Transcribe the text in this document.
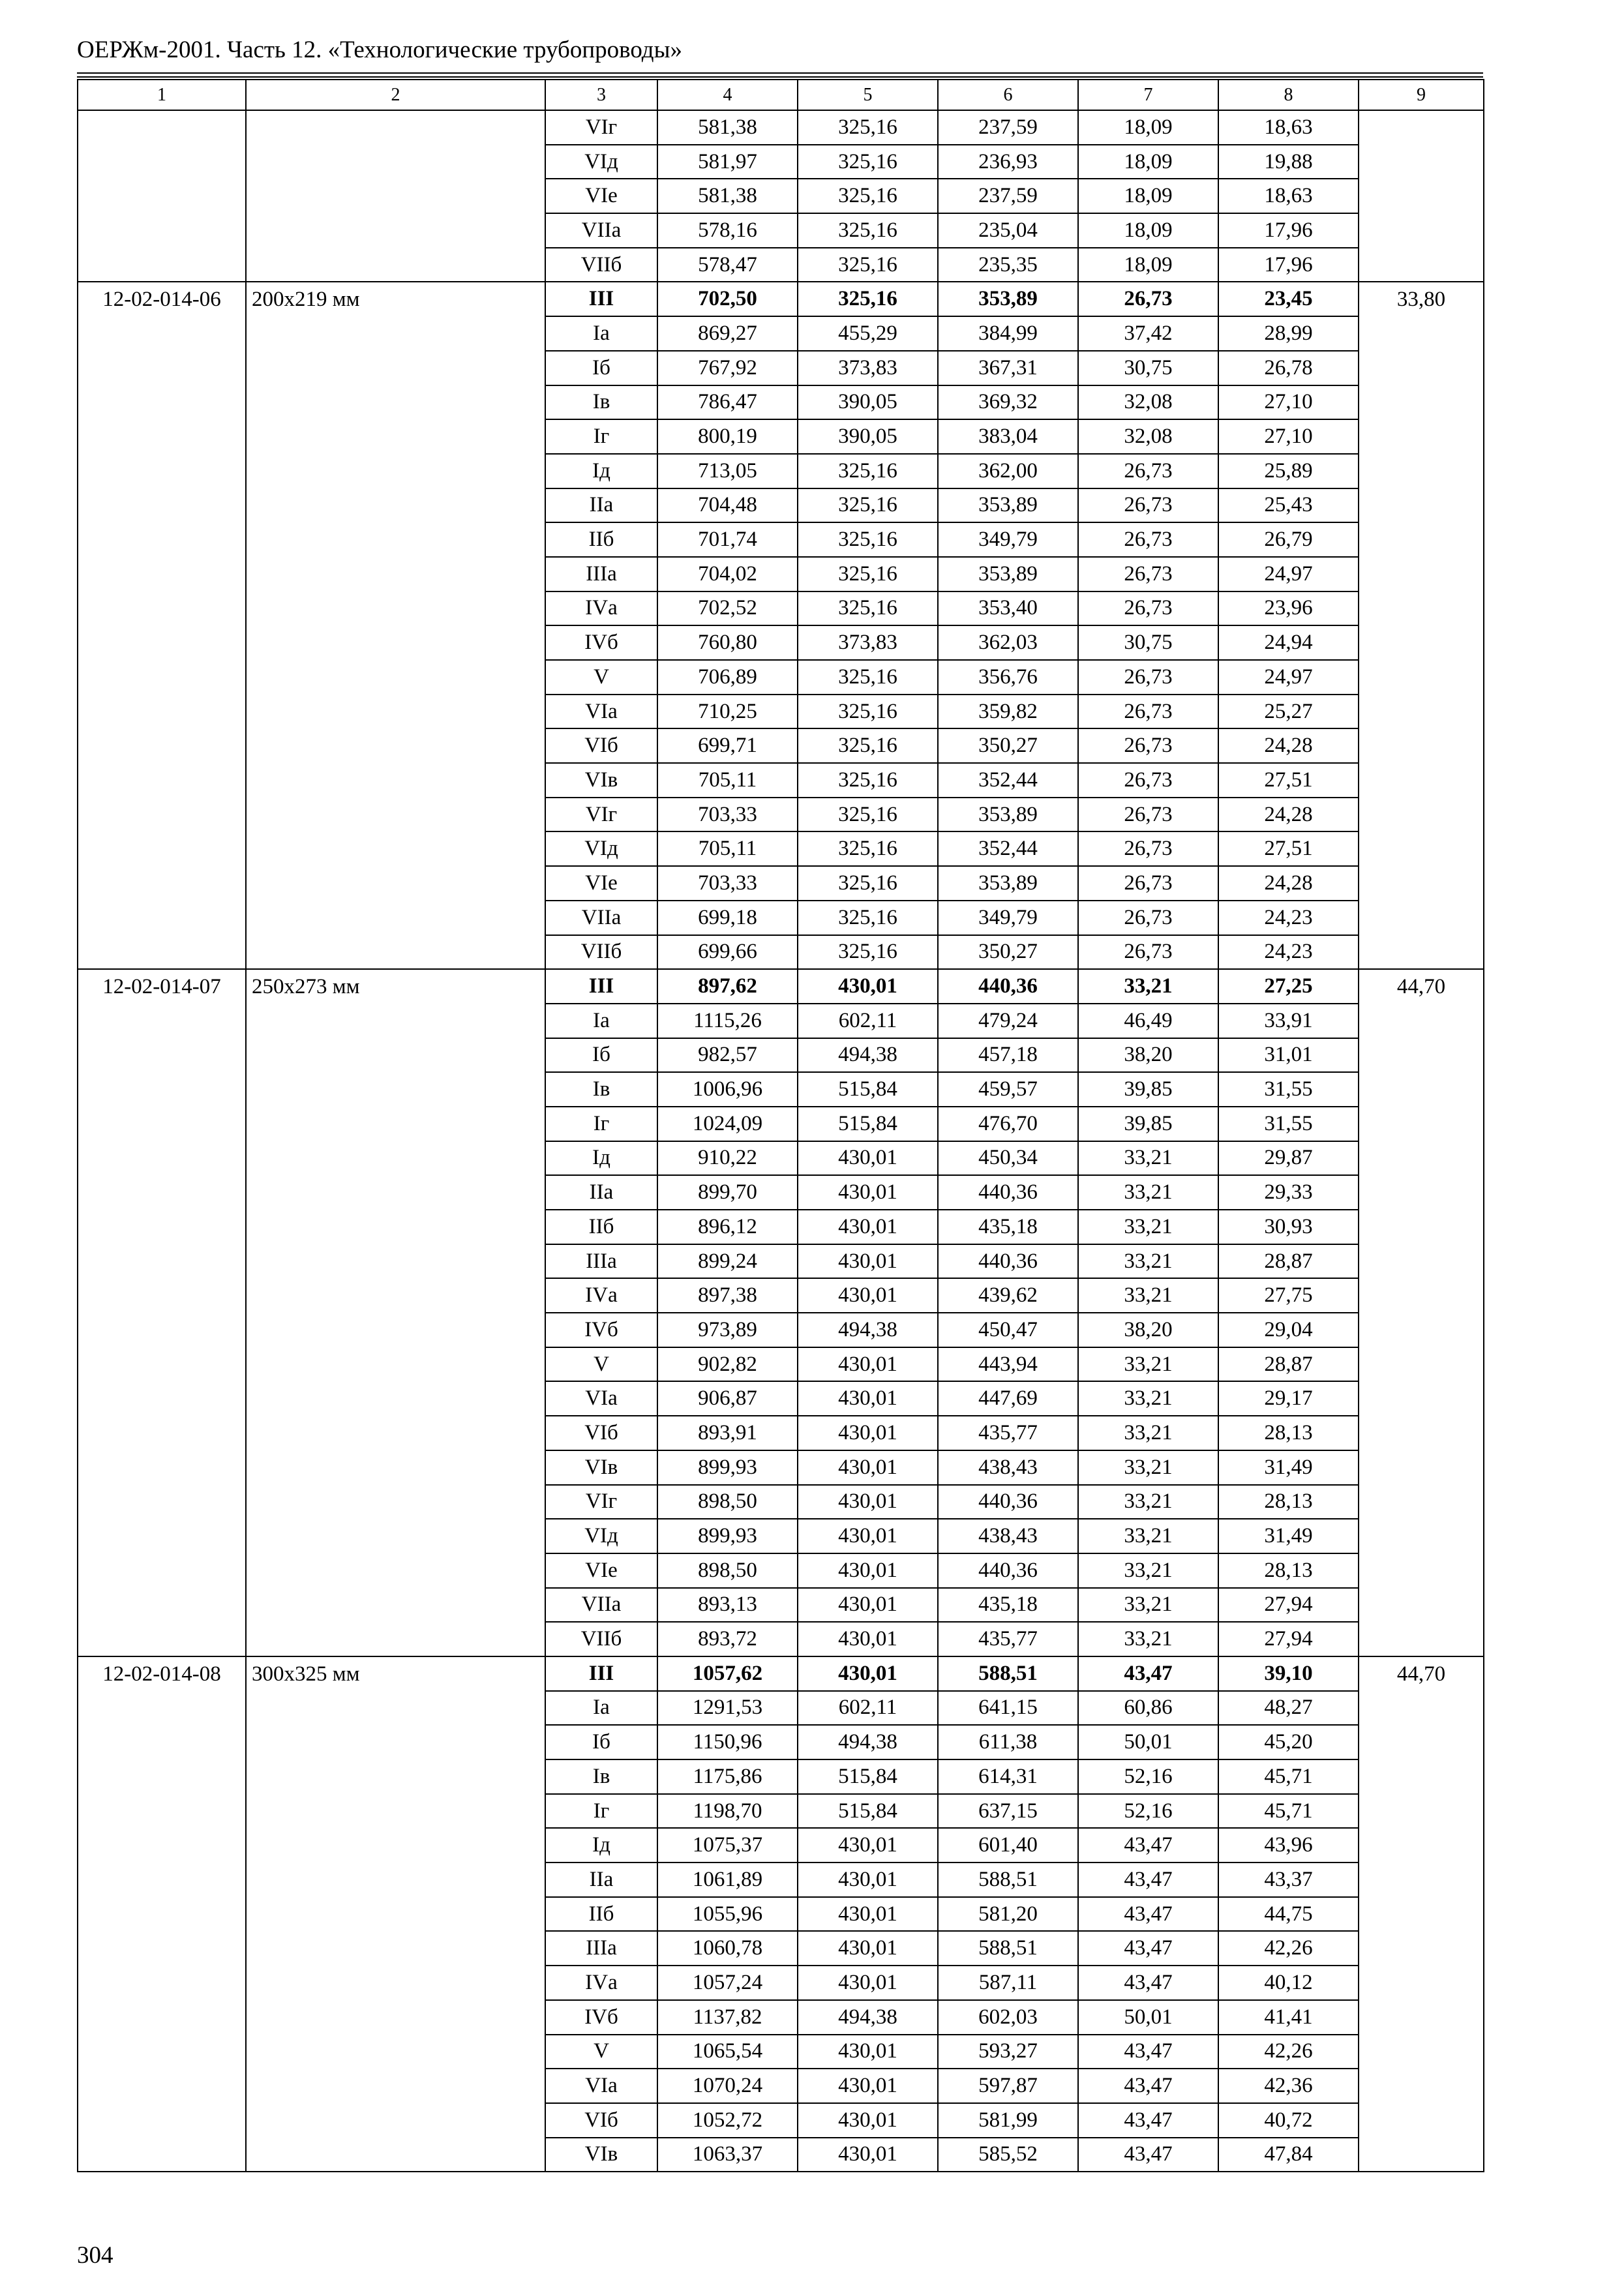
ОЕРЖм-2001. Часть 12. «Технологические трубопроводы»
1	2	3	4	5	6	7	8	9
		VIг	581,38	325,16	237,59	18,09	18,63	
		VIд	581,97	325,16	236,93	18,09	19,88	
		VIе	581,38	325,16	237,59	18,09	18,63	
		VIIа	578,16	325,16	235,04	18,09	17,96	
		VIIб	578,47	325,16	235,35	18,09	17,96	
12-02-014-06	200x219 мм	III	702,50	325,16	353,89	26,73	23,45	33,80
		Iа	869,27	455,29	384,99	37,42	28,99	
		Iб	767,92	373,83	367,31	30,75	26,78	
		Iв	786,47	390,05	369,32	32,08	27,10	
		Iг	800,19	390,05	383,04	32,08	27,10	
		Iд	713,05	325,16	362,00	26,73	25,89	
		IIа	704,48	325,16	353,89	26,73	25,43	
		IIб	701,74	325,16	349,79	26,73	26,79	
		IIIа	704,02	325,16	353,89	26,73	24,97	
		IVа	702,52	325,16	353,40	26,73	23,96	
		IVб	760,80	373,83	362,03	30,75	24,94	
		V	706,89	325,16	356,76	26,73	24,97	
		VIа	710,25	325,16	359,82	26,73	25,27	
		VIб	699,71	325,16	350,27	26,73	24,28	
		VIв	705,11	325,16	352,44	26,73	27,51	
		VIг	703,33	325,16	353,89	26,73	24,28	
		VIд	705,11	325,16	352,44	26,73	27,51	
		VIе	703,33	325,16	353,89	26,73	24,28	
		VIIа	699,18	325,16	349,79	26,73	24,23	
		VIIб	699,66	325,16	350,27	26,73	24,23	
12-02-014-07	250x273 мм	III	897,62	430,01	440,36	33,21	27,25	44,70
		Iа	1115,26	602,11	479,24	46,49	33,91	
		Iб	982,57	494,38	457,18	38,20	31,01	
		Iв	1006,96	515,84	459,57	39,85	31,55	
		Iг	1024,09	515,84	476,70	39,85	31,55	
		Iд	910,22	430,01	450,34	33,21	29,87	
		IIа	899,70	430,01	440,36	33,21	29,33	
		IIб	896,12	430,01	435,18	33,21	30,93	
		IIIа	899,24	430,01	440,36	33,21	28,87	
		IVа	897,38	430,01	439,62	33,21	27,75	
		IVб	973,89	494,38	450,47	38,20	29,04	
		V	902,82	430,01	443,94	33,21	28,87	
		VIа	906,87	430,01	447,69	33,21	29,17	
		VIб	893,91	430,01	435,77	33,21	28,13	
		VIв	899,93	430,01	438,43	33,21	31,49	
		VIг	898,50	430,01	440,36	33,21	28,13	
		VIд	899,93	430,01	438,43	33,21	31,49	
		VIе	898,50	430,01	440,36	33,21	28,13	
		VIIа	893,13	430,01	435,18	33,21	27,94	
		VIIб	893,72	430,01	435,77	33,21	27,94	
12-02-014-08	300x325 мм	III	1057,62	430,01	588,51	43,47	39,10	44,70
		Iа	1291,53	602,11	641,15	60,86	48,27	
		Iб	1150,96	494,38	611,38	50,01	45,20	
		Iв	1175,86	515,84	614,31	52,16	45,71	
		Iг	1198,70	515,84	637,15	52,16	45,71	
		Iд	1075,37	430,01	601,40	43,47	43,96	
		IIа	1061,89	430,01	588,51	43,47	43,37	
		IIб	1055,96	430,01	581,20	43,47	44,75	
		IIIа	1060,78	430,01	588,51	43,47	42,26	
		IVа	1057,24	430,01	587,11	43,47	40,12	
		IVб	1137,82	494,38	602,03	50,01	41,41	
		V	1065,54	430,01	593,27	43,47	42,26	
		VIа	1070,24	430,01	597,87	43,47	42,36	
		VIб	1052,72	430,01	581,99	43,47	40,72	
		VIв	1063,37	430,01	585,52	43,47	47,84	
304
